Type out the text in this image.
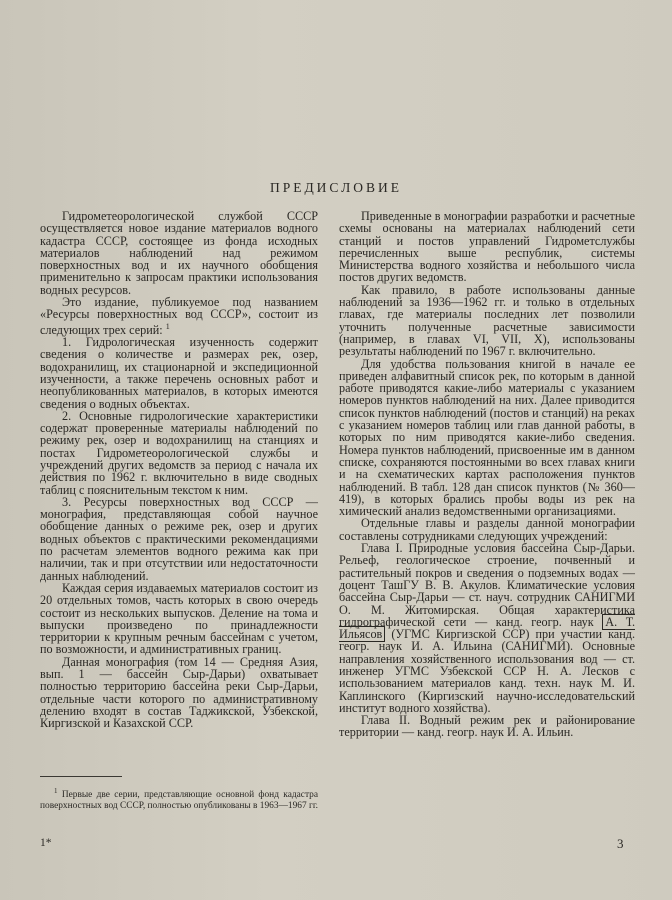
ПРЕДИСЛОВИЕ

Гидрометеорологической службой СССР осуществляется новое издание материалов водного кадастра СССР, состоящее из фонда исходных материалов наблюдений над режимом поверхностных вод и их научного обобщения применительно к запросам практики использования водных ресурсов.

Это издание, публикуемое под названием «Ресурсы поверхностных вод СССР», состоит из следующих трех серий: $^1$

1. Гидрологическая изученность содержит сведения о количестве и размерах рек, озер, водохранилищ, их стационарной и экспедиционной изученности, а также перечень основных работ и неопубликованных материалов, в которых имеются сведения о водных объектах.

2. Основные гидрологические характеристики содержат проверенные материалы наблюдений по режиму рек, озер и водохранилищ на станциях и постах Гидрометеорологической службы и учреждений других ведомств за период с начала их действия по 1962 г. включительно в виде сводных таблиц с пояснительным текстом к ним.

3. Ресурсы поверхностных вод СССР — монография, представляющая собой научное обобщение данных о режиме рек, озер и других водных объектов с практическими рекомендациями по расчетам элементов водного режима как при наличии, так и при отсутствии или недостаточности данных наблюдений.

Каждая серия издаваемых материалов состоит из 20 отдельных томов, часть которых в свою очередь состоит из нескольких выпусков. Деление на тома и выпуски произведено по принадлежности территории к крупным речным бассейнам с учетом, по возможности, и административных границ.

Данная монография (том 14 — Средняя Азия, вып. 1 — бассейн Сыр-Дарьи) охватывает полностью территорию бассейна реки Сыр-Дарьи, отдельные части которого по административному делению входят в состав Таджикской, Узбекской, Киргизской и Казахской ССР.

$^1$ Первые две серии, представляющие основной фонд кадастра поверхностных вод СССР, полностью опубликованы в 1963—1967 гг.

Приведенные в монографии разработки и расчетные схемы основаны на материалах наблюдений сети станций и постов управлений Гидрометслужбы перечисленных выше республик, системы Министерства водного хозяйства и небольшого числа постов других ведомств.

Как правило, в работе использованы данные наблюдений за 1936—1962 гг. и только в отдельных главах, где материалы последних лет позволили уточнить полученные расчетные зависимости (например, в главах VI, VII, X), использованы результаты наблюдений по 1967 г. включительно.

Для удобства пользования книгой в начале ее приведен алфавитный список рек, по которым в данной работе приводятся какие-либо материалы с указанием номеров пунктов наблюдений на них. Далее приводится список пунктов наблюдений (постов и станций) на реках с указанием номеров таблиц или глав данной работы, в которых по ним приводятся какие-либо сведения. Номера пунктов наблюдений, присвоенные им в данном списке, сохраняются постоянными во всех главах книги и на схематических картах расположения пунктов наблюдений. В табл. 128 дан список пунктов (№ 360—419), в которых брались пробы воды из рек на химический анализ ведомственными организациями.

Отдельные главы и разделы данной монографии составлены сотрудниками следующих учреждений:

Глава I. Природные условия бассейна Сыр-Дарьи. Рельеф, геологическое строение, почвенный и растительный покров и сведения о подземных водах — доцент ТашГУ В. В. Акулов. Климатические условия бассейна Сыр-Дарьи — ст. науч. сотрудник САНИГМИ О. М. Житомирская. Общая характеристика гидрографической сети — канд. геогр. наук А. Т. Ильясов (УГМС Киргизской ССР) при участии канд. геогр. наук И. А. Ильина (САНИГМИ). Основные направления хозяйственного использования вод — ст. инженер УГМС Узбекской ССР Н. А. Лесков с использованием материалов канд. техн. наук М. И. Каплинского (Киргизский научно-исследовательский институт водного хозяйства).

Глава II. Водный режим рек и районирование территории — канд. геогр. наук И. А. Ильин.

1*	3
